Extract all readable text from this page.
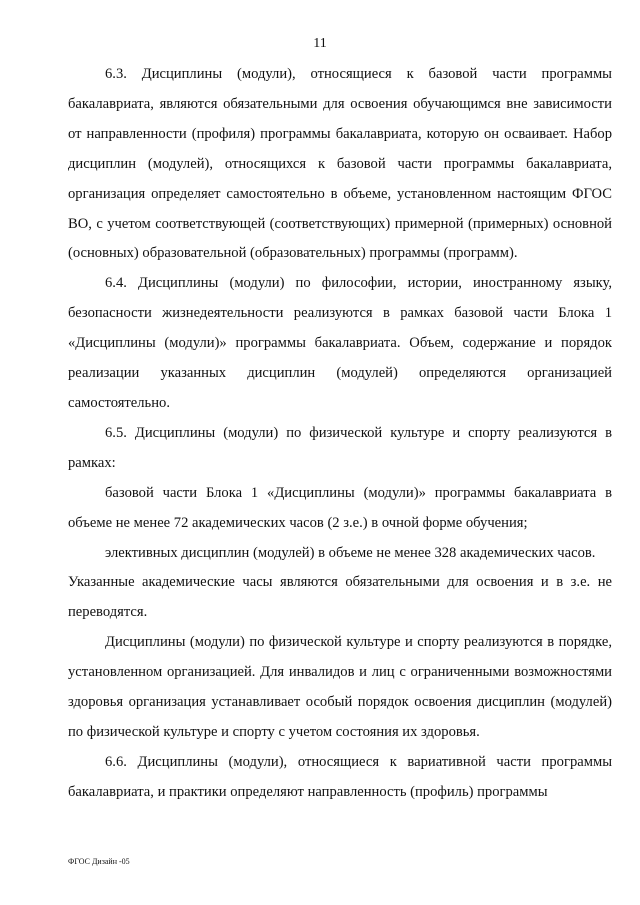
11

6.3. Дисциплины (модули), относящиеся к базовой части программы бакалавриата, являются обязательными для освоения обучающимся вне зависимости от направленности (профиля) программы бакалавриата, которую он осваивает. Набор дисциплин (модулей), относящихся к базовой части программы бакалавриата, организация определяет самостоятельно в объеме, установленном настоящим ФГОС ВО, с учетом соответствующей (соответствующих) примерной (примерных) основной (основных) образовательной (образовательных) программы (программ).

6.4. Дисциплины (модули) по философии, истории, иностранному языку, безопасности жизнедеятельности реализуются в рамках базовой части Блока 1 «Дисциплины (модули)» программы бакалавриата. Объем, содержание и порядок реализации указанных дисциплин (модулей) определяются организацией самостоятельно.

6.5. Дисциплины (модули) по физической культуре и спорту реализуются в рамках:

базовой части Блока 1 «Дисциплины (модули)» программы бакалавриата в объеме не менее 72 академических часов (2 з.е.) в очной форме обучения;

элективных дисциплин (модулей) в объеме не менее 328 академических часов.

Указанные академические часы являются обязательными для освоения и в з.е. не переводятся.

Дисциплины (модули) по физической культуре и спорту реализуются в порядке, установленном организацией. Для инвалидов и лиц с ограниченными возможностями здоровья организация устанавливает особый порядок освоения дисциплин (модулей) по физической культуре и спорту с учетом состояния их здоровья.

6.6. Дисциплины (модули), относящиеся к вариативной части программы бакалавриата, и практики определяют направленность (профиль) программы

ФГОС Дизайн -05
